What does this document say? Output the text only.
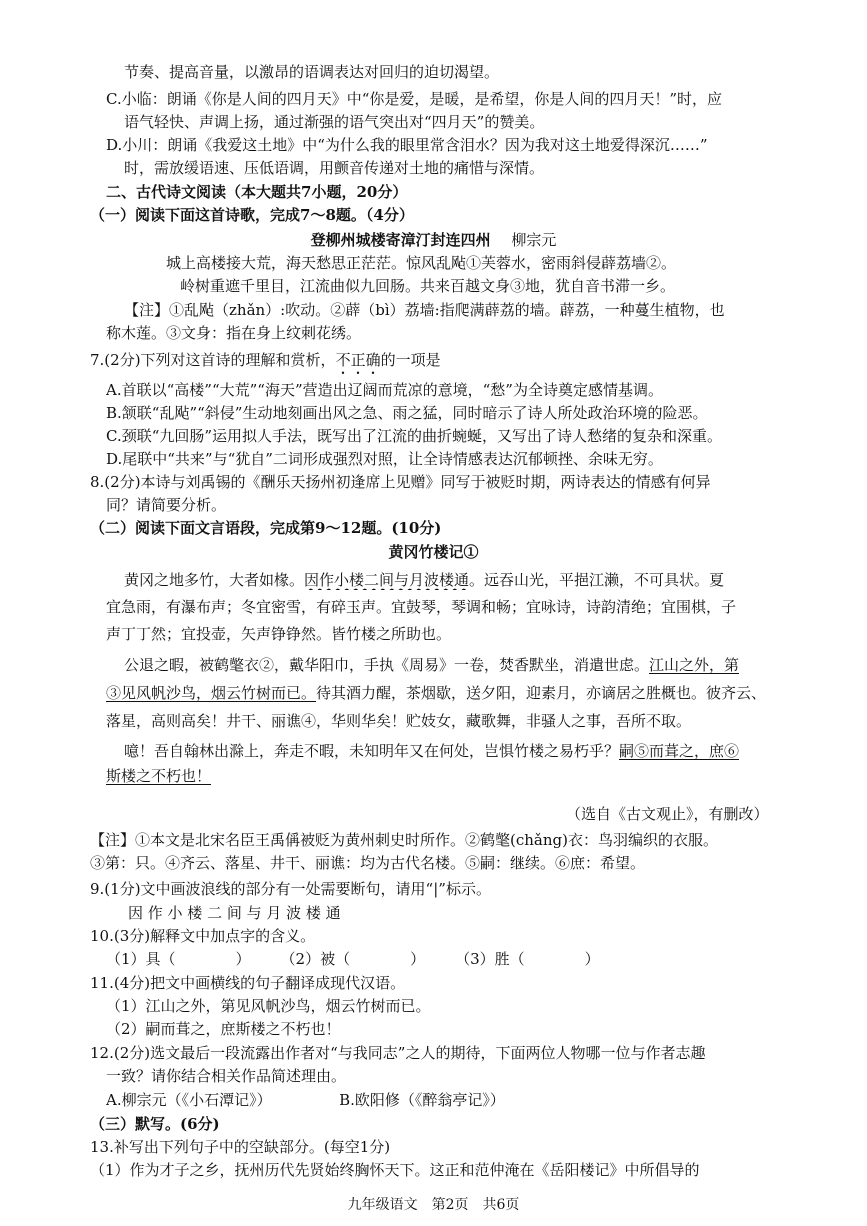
节奏、提高音量，以激昂的语调表达对回归的迫切渴望。
C.小临：朗诵《你是人间的四月天》中“你是爱，是暖，是希望，你是人间的四月天！”时，应
语气轻快、声调上扬，通过渐强的语气突出对“四月天”的赞美。
D.小川：朗诵《我爱这土地》中“为什么我的眼里常含泪水？因为我对这土地爱得深沉……”
时，需放缓语速、压低语调，用颤音传递对土地的痛惜与深情。
二、古代诗文阅读（本大题共7小题，20分）
（一）阅读下面这首诗歌，完成7～8题。（4分）
登柳州城楼寄漳汀封连四州 柳宗元
城上高楼接大荒，海天愁思正茫茫。惊风乱飐①芙蓉水，密雨斜侵薜荔墙②。
岭树重遮千里目，江流曲似九回肠。共来百越文身③地，犹自音书滞一乡。
【注】①乱飐（zhǎn）:吹动。②薜（bì）荔墙:指爬满薜荔的墙。薜荔，一种蔓生植物，也
称木莲。③文身：指在身上纹刺花绣。
7.(2分)下列对这首诗的理解和赏析，不正确的一项是
A.首联以“高楼”“大荒”“海天”营造出辽阔而荒凉的意境，“愁”为全诗奠定感情基调。
B.颔联“乱飐”“斜侵”生动地刻画出风之急、雨之猛，同时暗示了诗人所处政治环境的险恶。
C.颈联“九回肠”运用拟人手法，既写出了江流的曲折蜿蜒，又写出了诗人愁绪的复杂和深重。
D.尾联中“共来”与“犹自”二词形成强烈对照，让全诗情感表达沉郁顿挫、余味无穷。
8.(2分)本诗与刘禹锡的《酬乐天扬州初逢席上见赠》同写于被贬时期，两诗表达的情感有何异
同？请简要分析。
（二）阅读下面文言语段，完成第9～12题。(10分)
黄冈竹楼记①
黄冈之地多竹，大者如椽。因作小楼二间与月波楼通。远吞山光，平挹江濑，不可具状。夏
宜急雨，有瀑布声；冬宜密雪，有碎玉声。宜鼓琴，琴调和畅；宜咏诗，诗韵清绝；宜围棋，子
声丁丁然；宜投壶，矢声铮铮然。皆竹楼之所助也。
公退之暇，被鹤氅衣②，戴华阳巾，手执《周易》一卷，焚香默坐，消遣世虑。江山之外，第
③见风帆沙鸟，烟云竹树而已。待其酒力醒，茶烟歇，送夕阳，迎素月，亦谪居之胜概也。彼齐云、
落星，高则高矣！井干、丽谯④，华则华矣！贮妓女，藏歌舞，非骚人之事，吾所不取。
噫！吾自翰林出滁上，奔走不暇，未知明年又在何处，岂惧竹楼之易朽乎？嗣⑤而葺之，庶⑥
斯楼之不朽也！
（选自《古文观止》，有删改）
【注】①本文是北宋名臣王禹偁被贬为黄州刺史时所作。②鹤氅(chǎng)衣：鸟羽编织的衣服。
③第：只。④齐云、落星、井干、丽谯：均为古代名楼。⑤嗣：继续。⑥庶：希望。
9.(1分)文中画波浪线的部分有一处需要断句，请用“|”标示。
因 作 小 楼 二 间 与 月 波 楼 通
10.(3分)解释文中加点字的含义。
（1）具（　　　　）　　　（2）被（　　　　）　　　（3）胜（　　　　）
11.(4分)把文中画横线的句子翻译成现代汉语。
（1）江山之外，第见风帆沙鸟，烟云竹树而已。
（2）嗣而葺之，庶斯楼之不朽也！
12.(2分)选文最后一段流露出作者对“与我同志”之人的期待，下面两位人物哪一位与作者志趣
一致？请你结合相关作品简述理由。
A.柳宗元（《小石潭记》）　　　　　B.欧阳修（《醉翁亭记》）
（三）默写。(6分)
13.补写出下列句子中的空缺部分。(每空1分)
（1）作为才子之乡，抚州历代先贤始终胸怀天下。这正和范仲淹在《岳阳楼记》中所倡导的
九年级语文　第2页　共6页
